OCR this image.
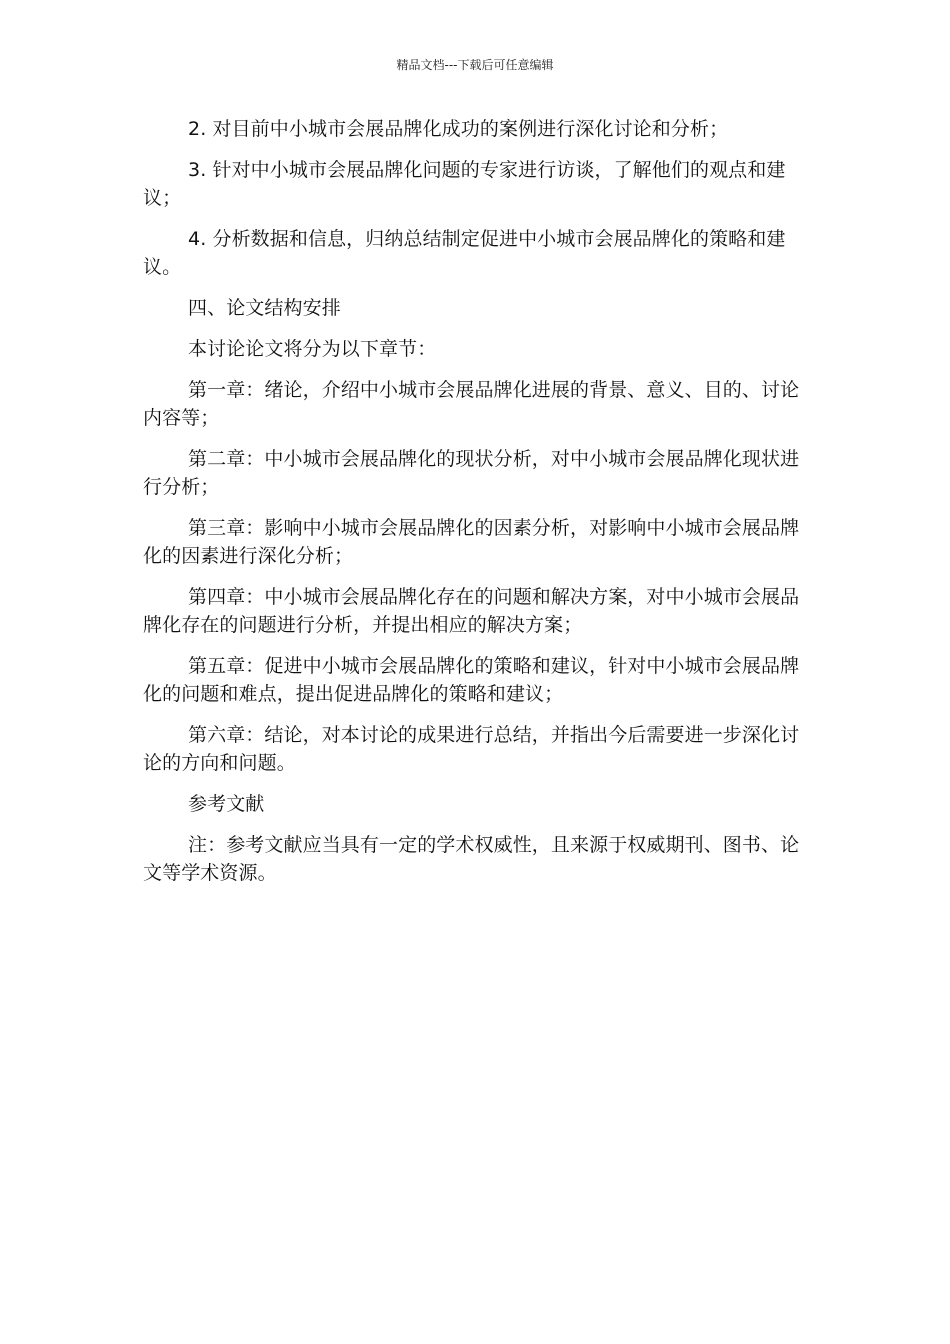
精品文档---下载后可任意编辑

2. 对目前中小城市会展品牌化成功的案例进行深化讨论和分析；

3. 针对中小城市会展品牌化问题的专家进行访谈，了解他们的观点和建议；

4. 分析数据和信息，归纳总结制定促进中小城市会展品牌化的策略和建议。

四、论文结构安排

本讨论论文将分为以下章节：

第一章：绪论，介绍中小城市会展品牌化进展的背景、意义、目的、讨论内容等；

第二章：中小城市会展品牌化的现状分析，对中小城市会展品牌化现状进行分析；

第三章：影响中小城市会展品牌化的因素分析，对影响中小城市会展品牌化的因素进行深化分析；

第四章：中小城市会展品牌化存在的问题和解决方案，对中小城市会展品牌化存在的问题进行分析，并提出相应的解决方案；

第五章：促进中小城市会展品牌化的策略和建议，针对中小城市会展品牌化的问题和难点，提出促进品牌化的策略和建议；

第六章：结论，对本讨论的成果进行总结，并指出今后需要进一步深化讨论的方向和问题。

参考文献

注：参考文献应当具有一定的学术权威性，且来源于权威期刊、图书、论文等学术资源。
